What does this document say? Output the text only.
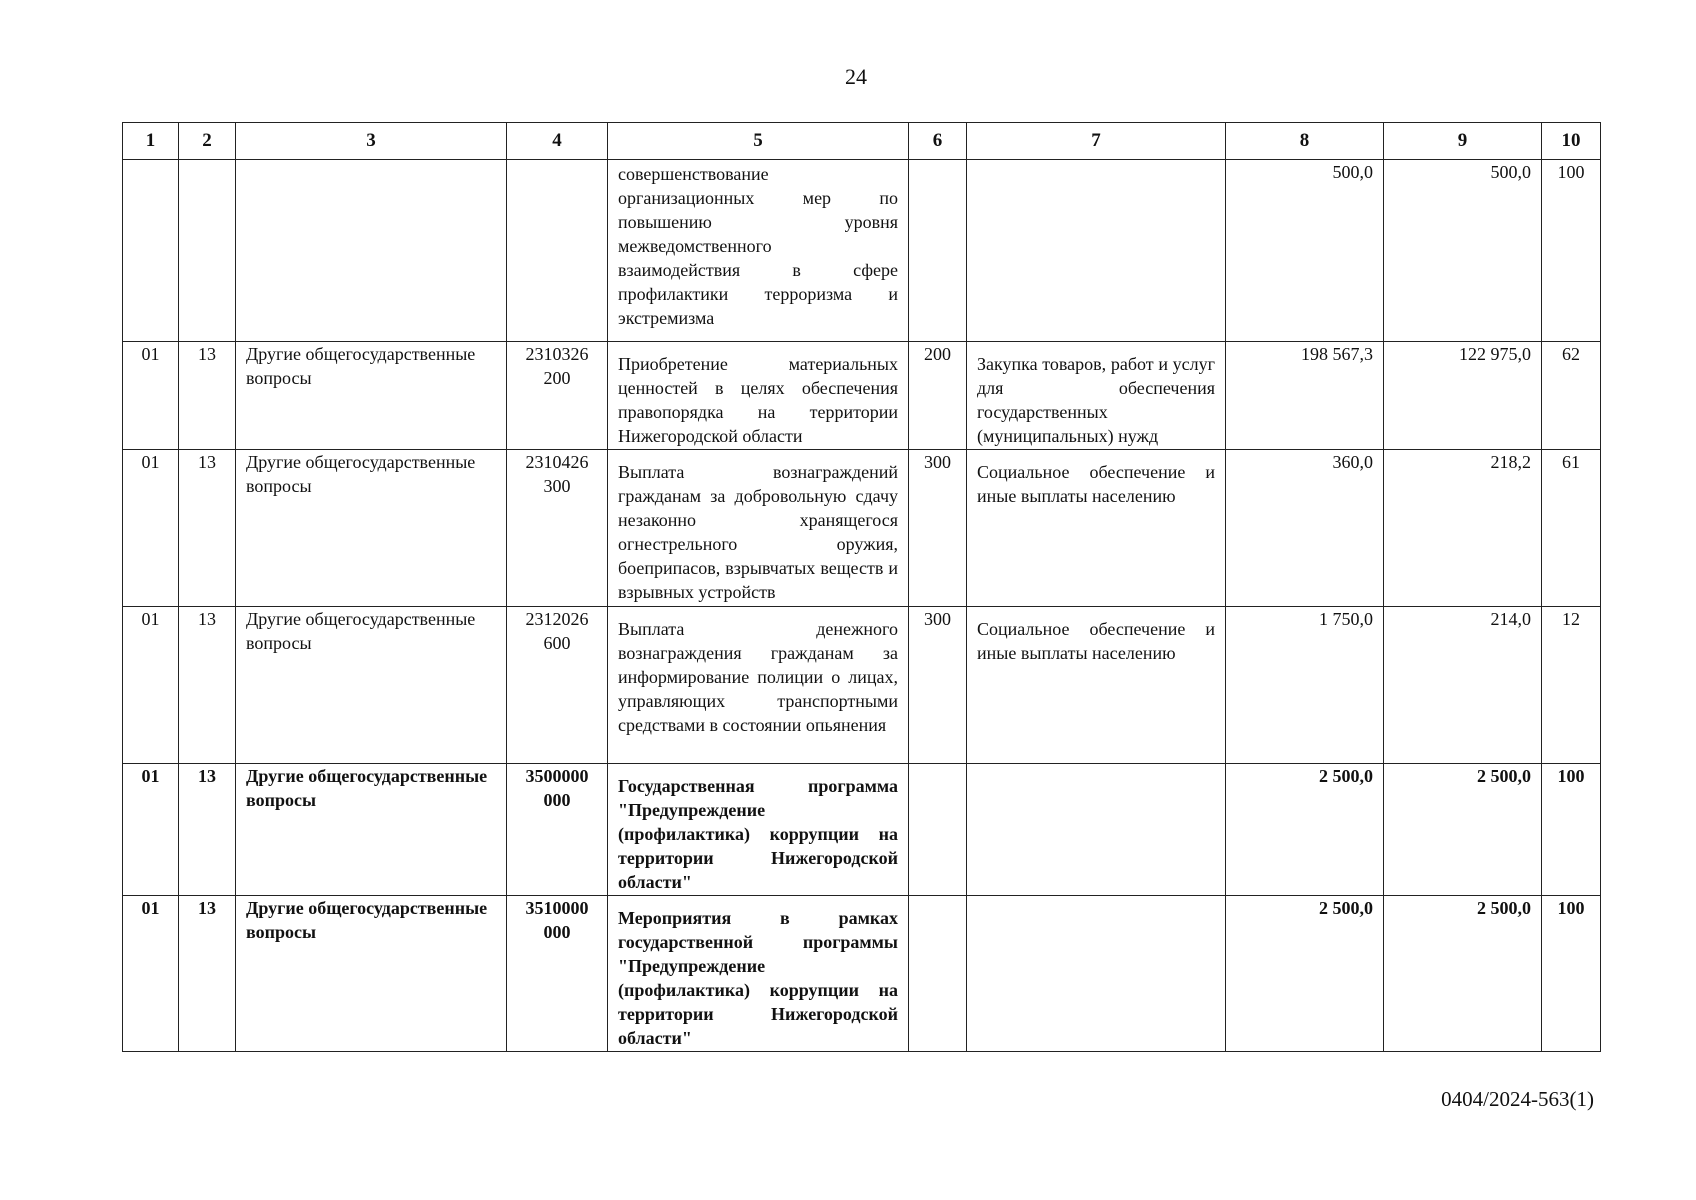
24
1	2	3	4	5	6	7	8	9	10

				совершенствование организационных мер по повышению уровня межведомственного взаимодействия в сфере профилактики терроризма и экстремизма			500,0	500,0	100
01	13	Другие общегосударственные вопросы	2310326 200	Приобретение материальных ценностей в целях обеспечения правопорядка на территории Нижегородской области	200	Закупка товаров, работ и услуг для обеспечения государственных (муниципальных) нужд	198 567,3	122 975,0	62
01	13	Другие общегосударственные вопросы	2310426 300	Выплата вознаграждений гражданам за добровольную сдачу незаконно хранящегося огнестрельного оружия, боеприпасов, взрывчатых веществ и взрывных устройств	300	Социальное обеспечение и иные выплаты населению	360,0	218,2	61
01	13	Другие общегосударственные вопросы	2312026 600	Выплата денежного вознаграждения гражданам за информирование полиции о лицах, управляющих транспортными средствами в состоянии опьянения	300	Социальное обеспечение и иные выплаты населению	1 750,0	214,0	12
01	13	Другие общегосударственные вопросы	3500000 000	Государственная программа "Предупреждение (профилактика) коррупции на территории Нижегородской области"			2 500,0	2 500,0	100
01	13	Другие общегосударственные вопросы	3510000 000	Мероприятия в рамках государственной программы "Предупреждение (профилактика) коррупции на территории Нижегородской области"			2 500,0	2 500,0	100
0404/2024-563(1)
